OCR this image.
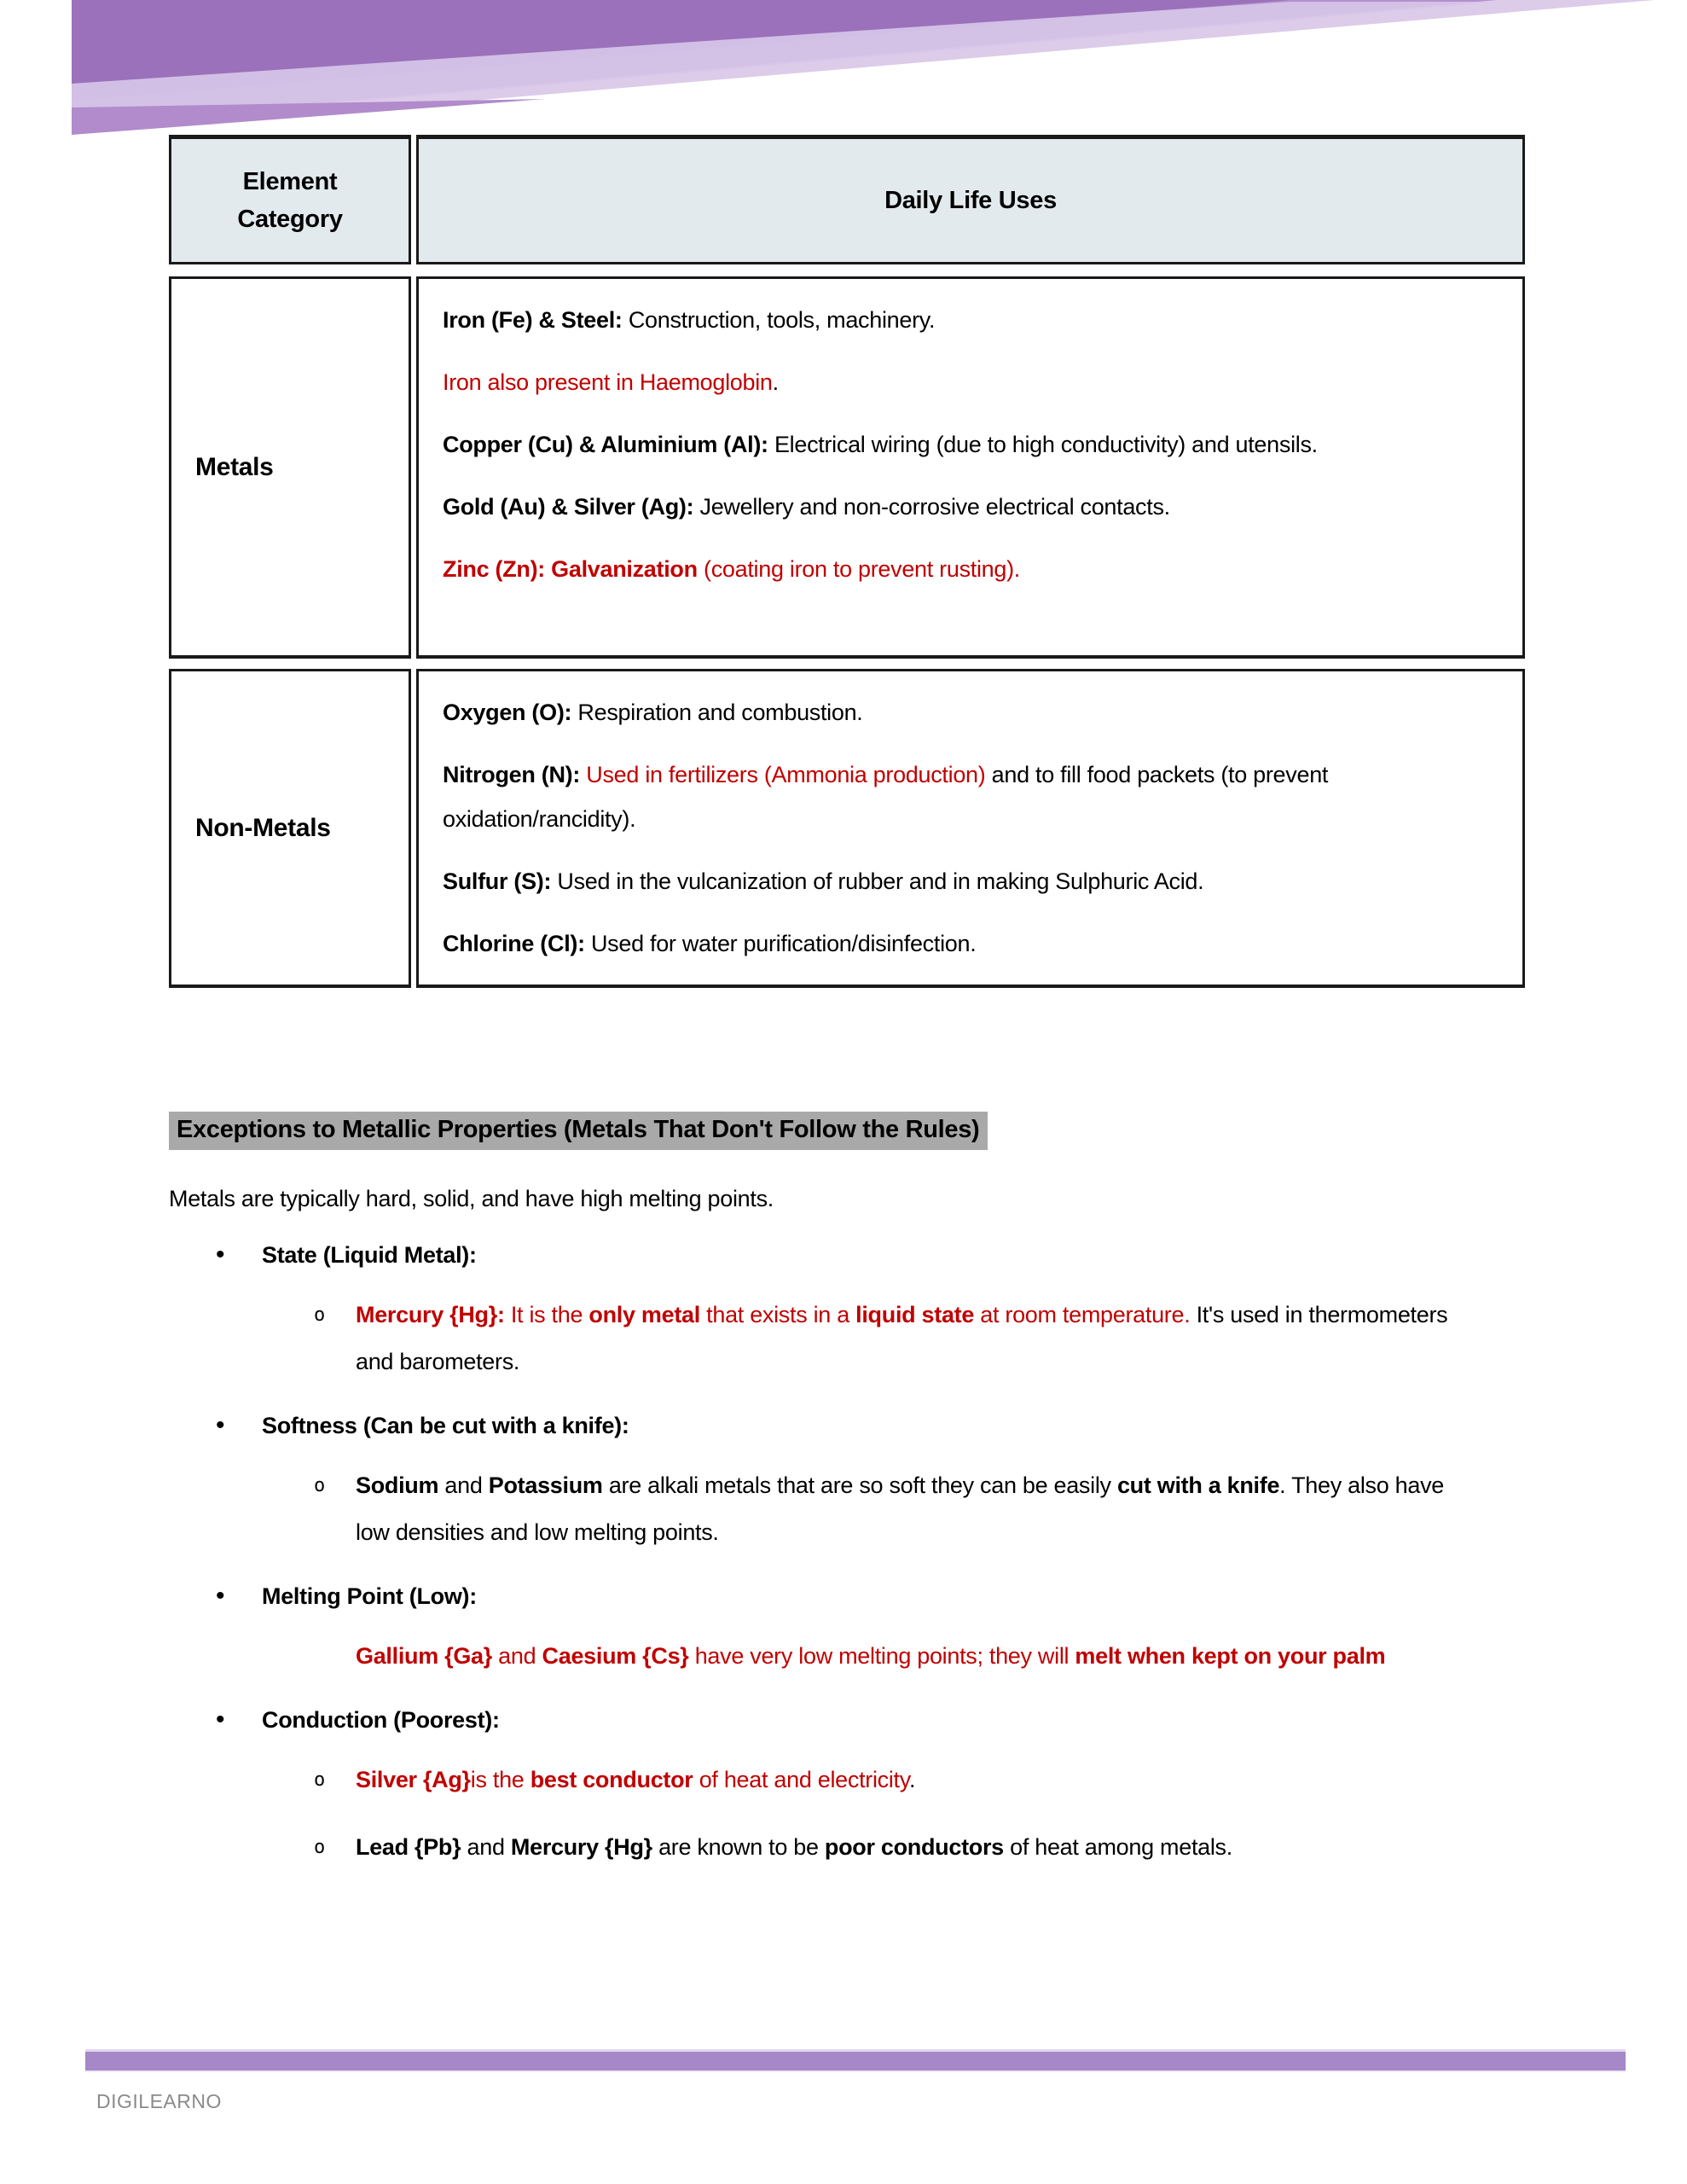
Element Category
Daily Life Uses
Metals

Iron (Fe) & Steel: Construction, tools, machinery.

Iron also present in Haemoglobin.

Copper (Cu) & Aluminium (Al): Electrical wiring (due to high conductivity) and utensils.

Gold (Au) & Silver (Ag): Jewellery and non-corrosive electrical contacts.

Zinc (Zn): Galvanization (coating iron to prevent rusting).

Non-Metals

Oxygen (O): Respiration and combustion.

Nitrogen (N): Used in fertilizers (Ammonia production) and to fill food packets (to prevent oxidation/rancidity).

Sulfur (S): Used in the vulcanization of rubber and in making Sulphuric Acid.

Chlorine (Cl): Used for water purification/disinfection.

Exceptions to Metallic Properties (Metals That Don't Follow the Rules)

Metals are typically hard, solid, and have high melting points.

• State (Liquid Metal):
o Mercury {Hg}: It is the only metal that exists in a liquid state at room temperature. It's used in thermometers and barometers.
• Softness (Can be cut with a knife):
o Sodium and Potassium are alkali metals that are so soft they can be easily cut with a knife. They also have low densities and low melting points.
• Melting Point (Low):
Gallium {Ga} and Caesium {Cs} have very low melting points; they will melt when kept on your palm
• Conduction (Poorest):
o Silver {Ag}is the best conductor of heat and electricity.
o Lead {Pb} and Mercury {Hg} are known to be poor conductors of heat among metals.
DIGILEARNO
